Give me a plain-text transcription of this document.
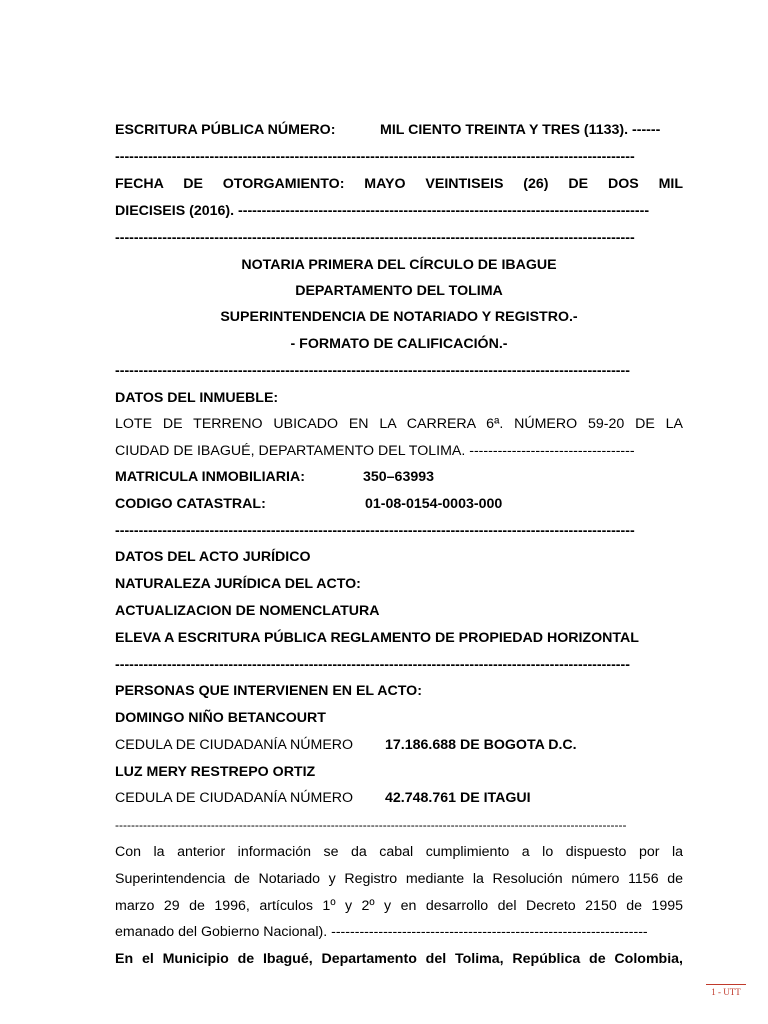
ESCRITURA PÚBLICA NÚMERO:	MIL CIENTO TREINTA Y TRES (1133). ------
--------------------------------------------------------------------------------------------------------------
FECHA DE OTORGAMIENTO: MAYO VEINTISEIS (26) DE DOS MIL
DIECISEIS (2016). ---------------------------------------------------------------------------------------
--------------------------------------------------------------------------------------------------------------
NOTARIA PRIMERA DEL CÍRCULO DE IBAGUE
DEPARTAMENTO DEL TOLIMA
SUPERINTENDENCIA DE NOTARIADO Y REGISTRO.-
- FORMATO DE CALIFICACIÓN.-
-------------------------------------------------------------------------------------------------------------
DATOS DEL INMUEBLE:
LOTE DE TERRENO UBICADO EN LA CARRERA 6ª. NÚMERO 59-20 DE LA
CIUDAD DE IBAGUÉ, DEPARTAMENTO DEL TOLIMA. -----------------------------------
MATRICULA INMOBILIARIA:	350–63993
CODIGO CATASTRAL:	01-08-0154-0003-000
--------------------------------------------------------------------------------------------------------------
DATOS DEL ACTO JURÍDICO
NATURALEZA JURÍDICA DEL ACTO:
ACTUALIZACION DE NOMENCLATURA
ELEVA A ESCRITURA PÚBLICA REGLAMENTO DE PROPIEDAD HORIZONTAL
-------------------------------------------------------------------------------------------------------------
PERSONAS QUE INTERVIENEN EN EL ACTO:
DOMINGO NIÑO BETANCOURT
CEDULA DE CIUDADANÍA NÚMERO 17.186.688 DE BOGOTA D.C.
LUZ MERY RESTREPO ORTIZ
CEDULA DE CIUDADANÍA NÚMERO 42.748.761 DE ITAGUI
--------------------------------------------------------------------------------------------------------------------------------
Con la anterior información se da cabal cumplimiento a lo dispuesto por la
Superintendencia de Notariado y Registro mediante la Resolución número 1156 de
marzo 29 de 1996, artículos 1º y 2º y en desarrollo del Decreto 2150 de 1995
emanado del Gobierno Nacional). -------------------------------------------------------------------
En el Municipio de Ibagué, Departamento del Tolima, República de Colombia,
1 - UTT
